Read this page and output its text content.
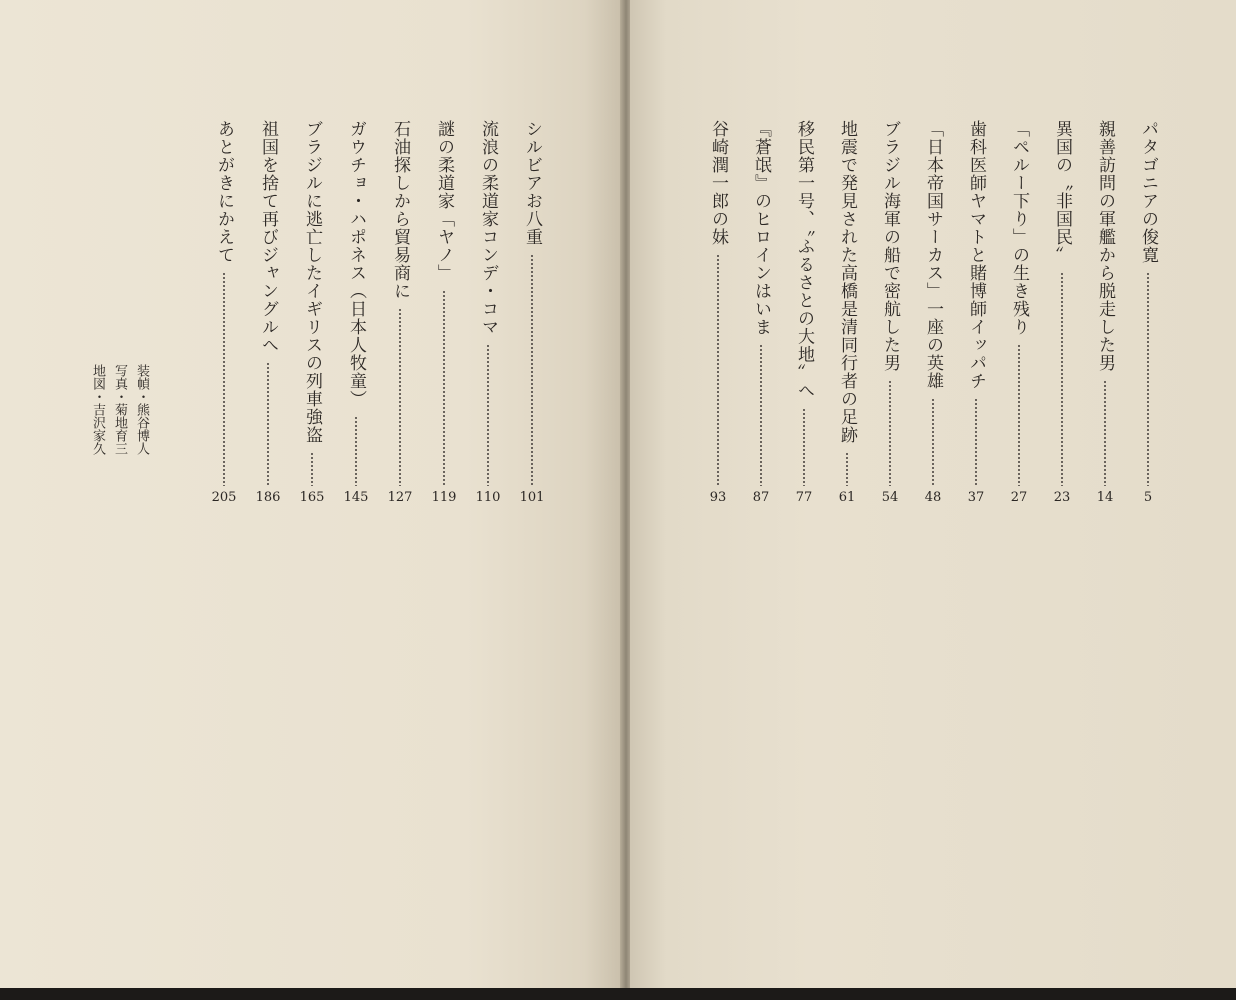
シルビアお八重
101
流浪の柔道家コンデ・コマ
110
謎の柔道家「ヤノ」
119
石油探しから貿易商に
127
ガウチョ・ハポネス（日本人牧童）
145
ブラジルに逃亡したイギリスの列車強盗
165
祖国を捨て再びジャングルへ
186
あとがきにかえて
205
装幀・熊谷博人
写真・菊地育三
地図・吉沢家久
パタゴニアの俊寛
5
親善訪問の軍艦から脱走した男
14
異国の〝非国民〟
23
「ペルー下り」の生き残り
27
歯科医師ヤマトと賭博師イッパチ
37
「日本帝国サーカス」一座の英雄
48
ブラジル海軍の船で密航した男
54
地震で発見された高橋是清同行者の足跡
61
移民第一号、〝ふるさとの大地〟へ
77
『蒼氓』のヒロインはいま
87
谷崎潤一郎の妹
93
